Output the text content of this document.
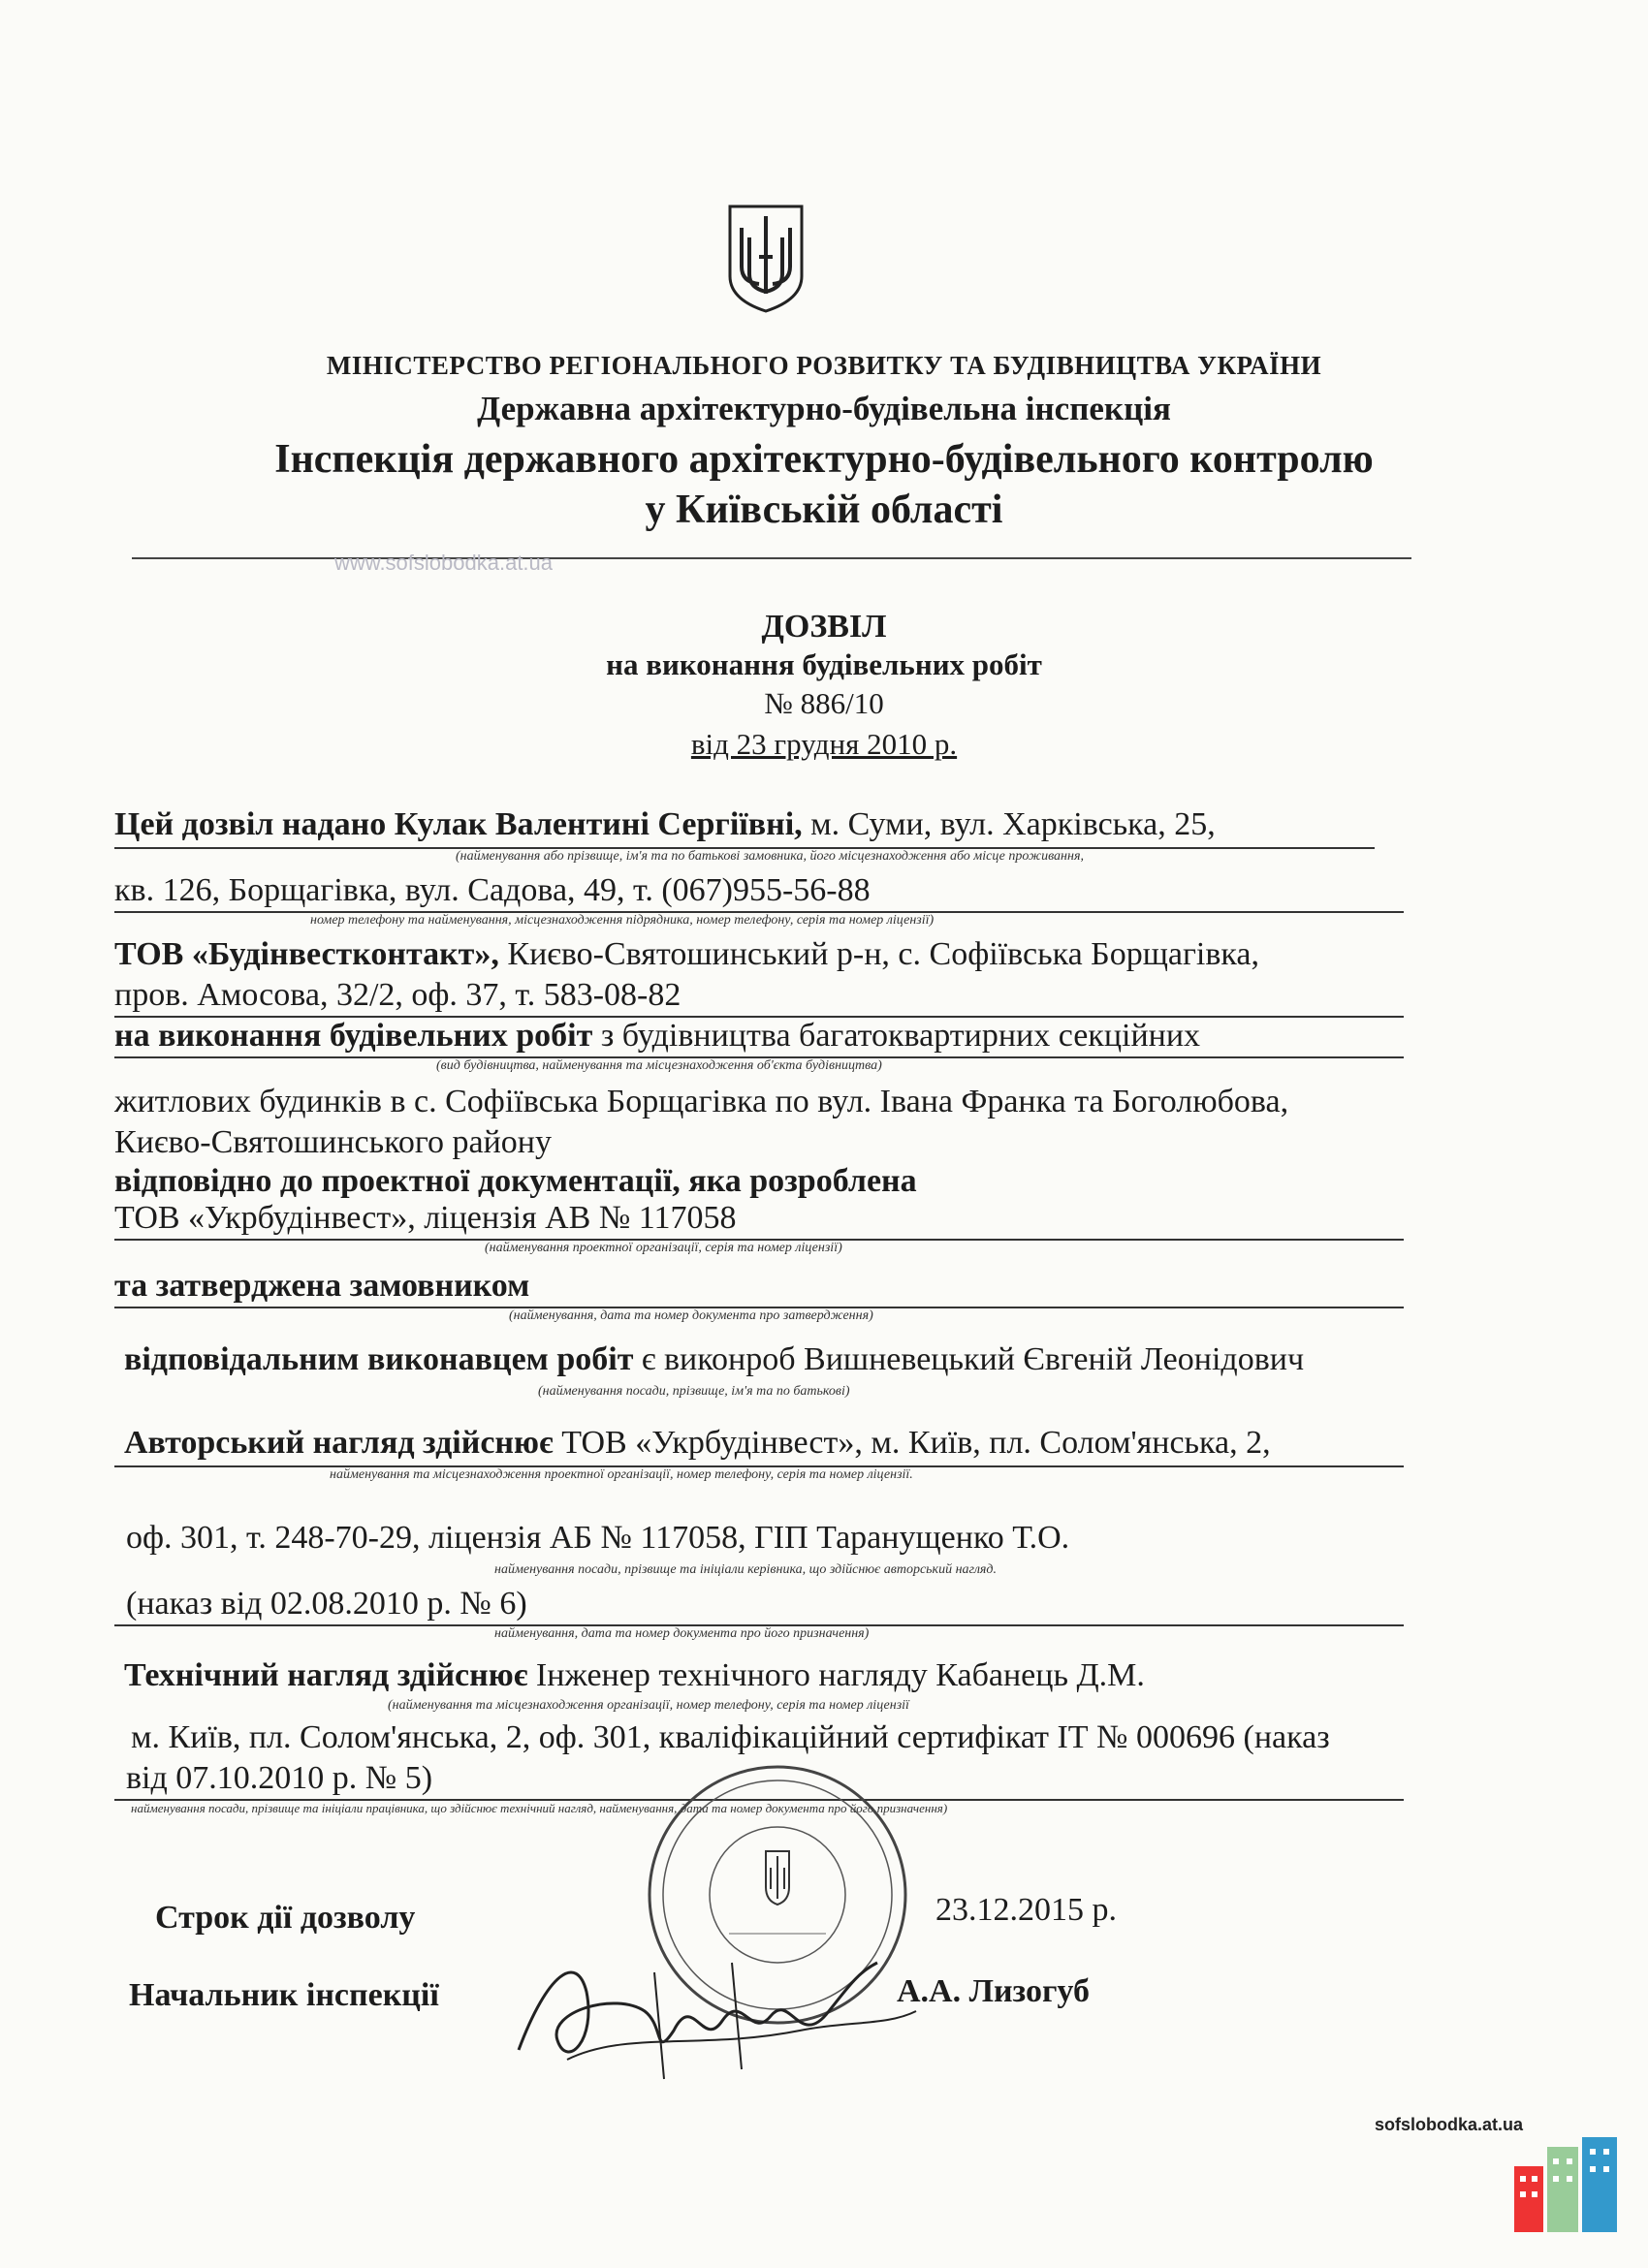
МІНІСТЕРСТВО РЕГІОНАЛЬНОГО РОЗВИТКУ ТА БУДІВНИЦТВА УКРАЇНИ
Державна архітектурно-будівельна інспекція
Інспекція державного архітектурно-будівельного контролю
у Київській області
www.sofslobodka.at.ua
ДОЗВІЛ
на виконання будівельних робіт
№ 886/10
від 23 грудня 2010 р.
Цей дозвіл надано Кулак Валентині Сергіївні, м. Суми, вул. Харківська, 25,
(найменування або прізвище, ім'я та по батькові замовника, його місцезнаходження або місце проживання,
кв. 126, Борщагівка, вул. Садова, 49, т. (067)955-56-88
номер телефону та найменування, місцезнаходження підрядника, номер телефону, серія та номер ліцензії)
ТОВ «Будінвестконтакт», Києво-Святошинський р-н, с. Софіївська Борщагівка,
пров. Амосова, 32/2, оф. 37, т. 583-08-82
на виконання будівельних робіт з будівництва багатоквартирних секційних
(вид будівництва, найменування та місцезнаходження об'єкта будівництва)
житлових будинків в с. Софіївська Борщагівка по вул. Івана Франка та Боголюбова,
Києво-Святошинського району
відповідно до проектної документації, яка розроблена
ТОВ «Укрбудінвест», ліцензія АВ № 117058
(найменування проектної організації, серія та номер ліцензії)
та затверджена замовником
(найменування, дата та номер документа про затвердження)
відповідальним виконавцем робіт є виконроб Вишневецький Євгеній Леонідович
(найменування посади, прізвище, ім'я та по батькові)
Авторський нагляд здійснює ТОВ «Укрбудінвест», м. Київ, пл. Солом'янська, 2,
найменування та місцезнаходження проектної організації, номер телефону, серія та номер ліцензії.
оф. 301, т. 248-70-29, ліцензія АБ № 117058, ГІП Таранущенко Т.О.
найменування посади, прізвище та ініціали керівника, що здійснює авторський нагляд.
(наказ від 02.08.2010 р. № 6)
найменування, дата та номер документа про його призначення)
Технічний нагляд здійснює Інженер технічного нагляду Кабанець Д.М.
(найменування та місцезнаходження організації, номер телефону, серія та номер ліцензії
м. Київ, пл. Солом'янська, 2, оф. 301, кваліфікаційний сертифікат ІТ № 000696 (наказ
від 07.10.2010 р. № 5)
найменування посади, прізвище та ініціали працівника, що здійснює технічний нагляд, найменування, дата та номер документа про його призначення)
Строк дії дозволу	23.12.2015 р.
Начальник інспекції	А.А. Лизогуб
sofslobodka.at.ua
